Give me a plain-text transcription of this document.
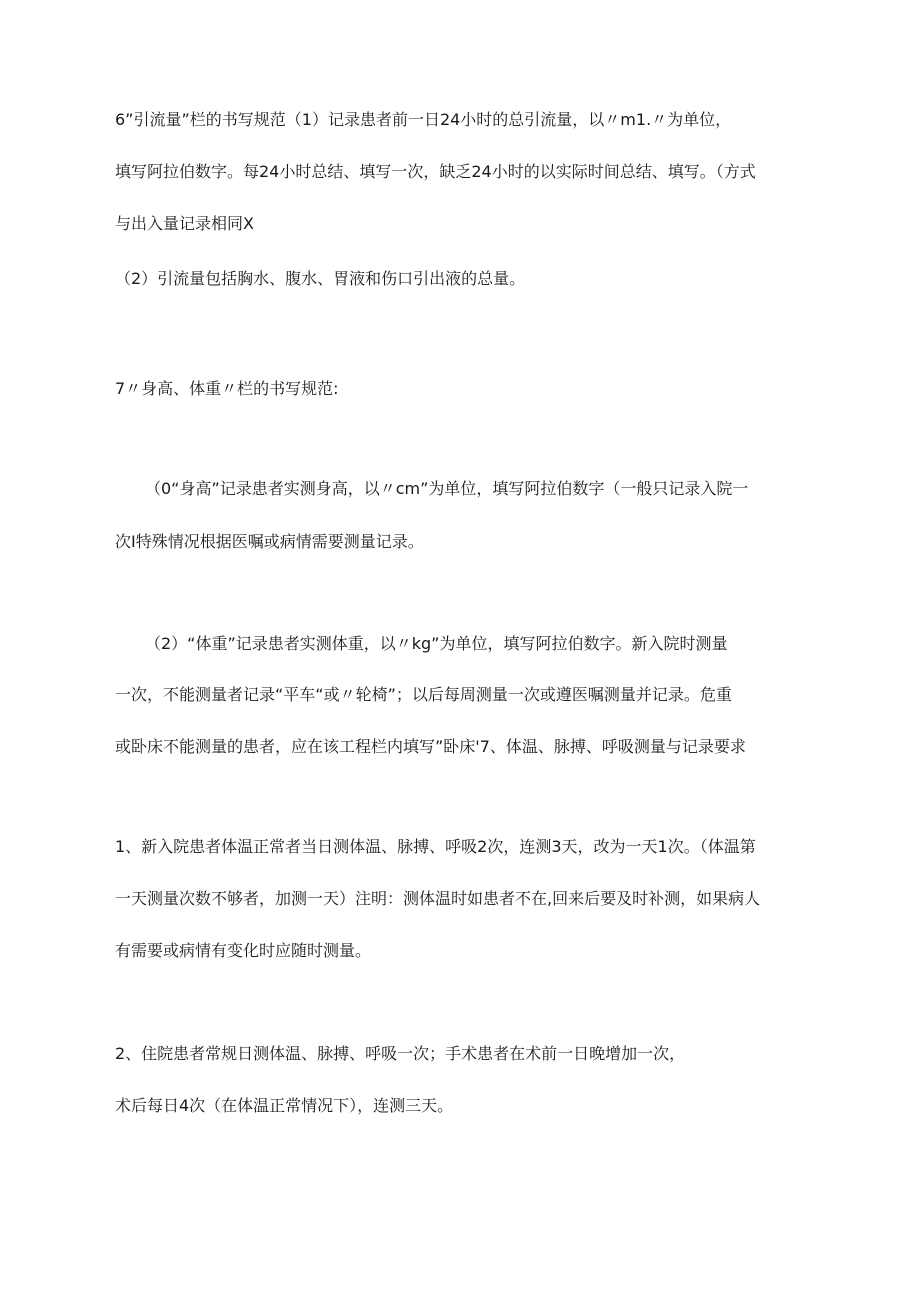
6”引流量”栏的书写规范（1）记录患者前一日24小时的总引流量，以〃m1.〃为单位，
填写阿拉伯数字。每24小时总结、填写一次，缺乏24小时的以实际时间总结、填写。（方式
与出入量记录相同X
（2）引流量包括胸水、腹水、胃液和伤口引出液的总量。
7〃身高、体重〃栏的书写规范:
（0“身高”记录患者实测身高，以〃cm”为单位，填写阿拉伯数字（一般只记录入院一
次I特殊情况根据医嘱或病情需要测量记录。
（2）“体重”记录患者实测体重，以〃kg”为单位，填写阿拉伯数字。新入院时测量
一次，不能测量者记录“平车“或〃轮椅”；以后每周测量一次或遵医嘱测量并记录。危重
或卧床不能测量的患者，应在该工程栏内填写”卧床'7、体温、脉搏、呼吸测量与记录要求
1、新入院患者体温正常者当日测体温、脉搏、呼吸2次，连测3天，改为一天1次。（体温第
一天测量次数不够者，加测一天）注明：测体温时如患者不在,回来后要及时补测，如果病人
有需要或病情有变化时应随时测量。
2、住院患者常规日测体温、脉搏、呼吸一次；手术患者在术前一日晚增加一次，
术后每日4次（在体温正常情况下），连测三天。
